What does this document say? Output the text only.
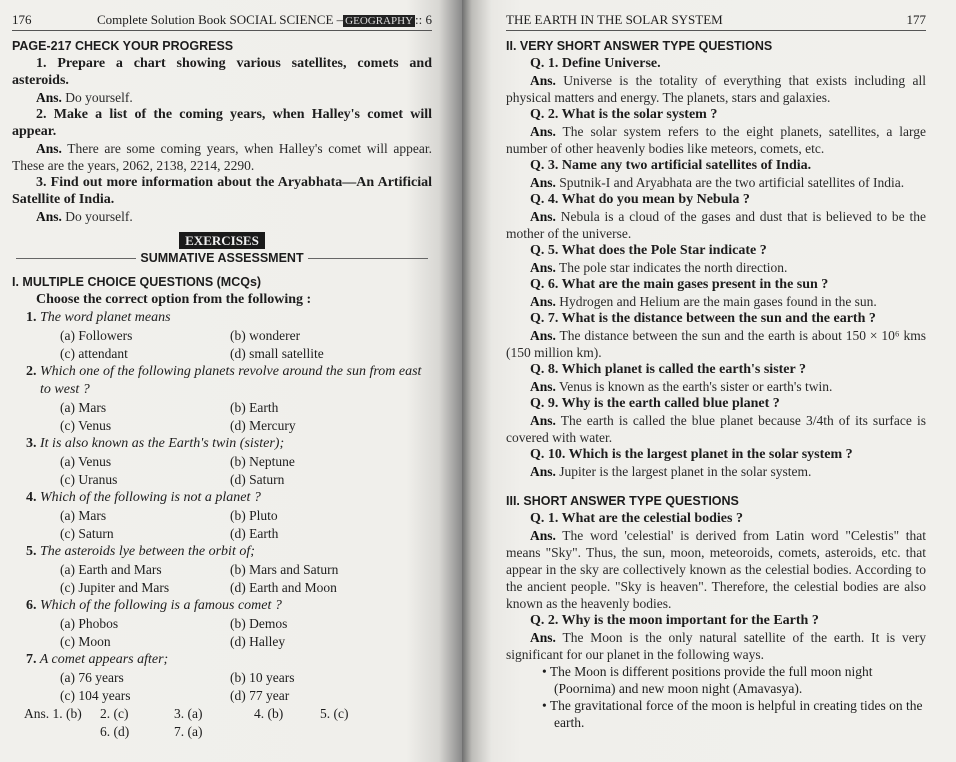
176	Complete Solution Book SOCIAL SCIENCE – GEOGRAPHY :: 6
PAGE-217 CHECK YOUR PROGRESS
1. Prepare a chart showing various satellites, comets and asteroids.
Ans. Do yourself.
2. Make a list of the coming years, when Halley's comet will appear.
Ans. There are some coming years, when Halley's comet will appear. These are the years, 2062, 2138, 2214, 2290.
3. Find out more information about the Aryabhata—An Artificial Satellite of India.
Ans. Do yourself.
EXERCISES
SUMMATIVE ASSESSMENT
I. MULTIPLE CHOICE QUESTIONS (MCQs)
Choose the correct option from the following :
1. The word planet means
(a) Followers	(b) wonderer
(c) attendant	(d) small satellite
2. Which one of the following planets revolve around the sun from east to west ?
(a) Mars	(b) Earth
(c) Venus	(d) Mercury
3. It is also known as the Earth's twin (sister);
(a) Venus	(b) Neptune
(c) Uranus	(d) Saturn
4. Which of the following is not a planet ?
(a) Mars	(b) Pluto
(c) Saturn	(d) Earth
5. The asteroids lye between the orbit of;
(a) Earth and Mars	(b) Mars and Saturn
(c) Jupiter and Mars	(d) Earth and Moon
6. Which of the following is a famous comet ?
(a) Phobos	(b) Demos
(c) Moon	(d) Halley
7. A comet appears after;
(a) 76 years	(b) 10 years
(c) 104 years	(d) 77 year
Ans. 1. (b)	2. (c)	3. (a)	4. (b)	5. (c)
6. (d)	7. (a)
THE EARTH IN THE SOLAR SYSTEM	177
II. VERY SHORT ANSWER TYPE QUESTIONS
Q. 1. Define Universe.
Ans. Universe is the totality of everything that exists including all physical matters and energy. The planets, stars and galaxies.
Q. 2. What is the solar system ?
Ans. The solar system refers to the eight planets, satellites, a large number of other heavenly bodies like meteors, comets, etc.
Q. 3. Name any two artificial satellites of India.
Ans. Sputnik-I and Aryabhata are the two artificial satellites of India.
Q. 4. What do you mean by Nebula ?
Ans. Nebula is a cloud of the gases and dust that is believed to be the mother of the universe.
Q. 5. What does the Pole Star indicate ?
Ans. The pole star indicates the north direction.
Q. 6. What are the main gases present in the sun ?
Ans. Hydrogen and Helium are the main gases found in the sun.
Q. 7. What is the distance between the sun and the earth ?
Ans. The distance between the sun and the earth is about 150 × 10⁶ kms (150 million km).
Q. 8. Which planet is called the earth's sister ?
Ans. Venus is known as the earth's sister or earth's twin.
Q. 9. Why is the earth called blue planet ?
Ans. The earth is called the blue planet because 3/4th of its surface is covered with water.
Q. 10. Which is the largest planet in the solar system ?
Ans. Jupiter is the largest planet in the solar system.
III. SHORT ANSWER TYPE QUESTIONS
Q. 1. What are the celestial bodies ?
Ans. The word 'celestial' is derived from Latin word "Celestis" that means "Sky". Thus, the sun, moon, meteoroids, comets, asteroids, etc. that appear in the sky are collectively known as the celestial bodies. According to the ancient people. "Sky is heaven". Therefore, the celestial bodies are also known as the heavenly bodies.
Q. 2. Why is the moon important for the Earth ?
Ans. The Moon is the only natural satellite of the earth. It is very significant for our planet in the following ways.
• The Moon is different positions provide the full moon night (Poornima) and new moon night (Amavasya).
• The gravitational force of the moon is helpful in creating tides on the earth.
